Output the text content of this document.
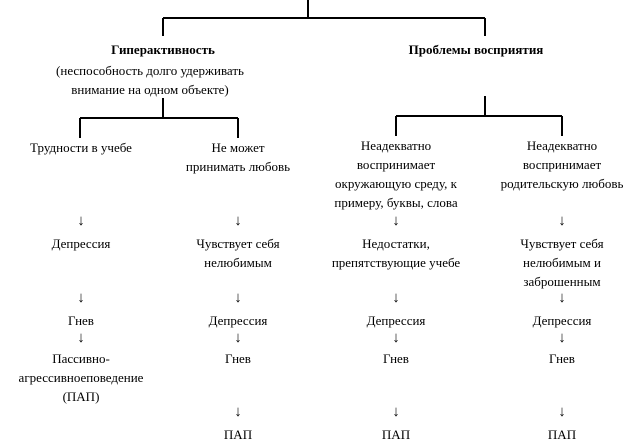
Гиперактивность
(неспособность долго удерживать
внимание на одном объекте)
Проблемы восприятия
Трудности в учебе
↓
Депрессия
↓
Гнев
↓
Пассивно-
агрессивноеповедение
(ПАП)
Не может
принимать любовь
↓
Чувствует себя
нелюбимым
↓
Депрессия
↓
Гнев
↓
ПАП
Неадекватно
воспринимает
окружающую среду, к
примеру, буквы, слова
↓
Недостатки,
препятствующие учебе
↓
Депрессия
↓
Гнев
↓
ПАП
Неадекватно
воспринимает
родительскую любовь
↓
Чувствует себя
нелюбимым и
заброшенным
↓
Депрессия
↓
Гнев
↓
ПАП
